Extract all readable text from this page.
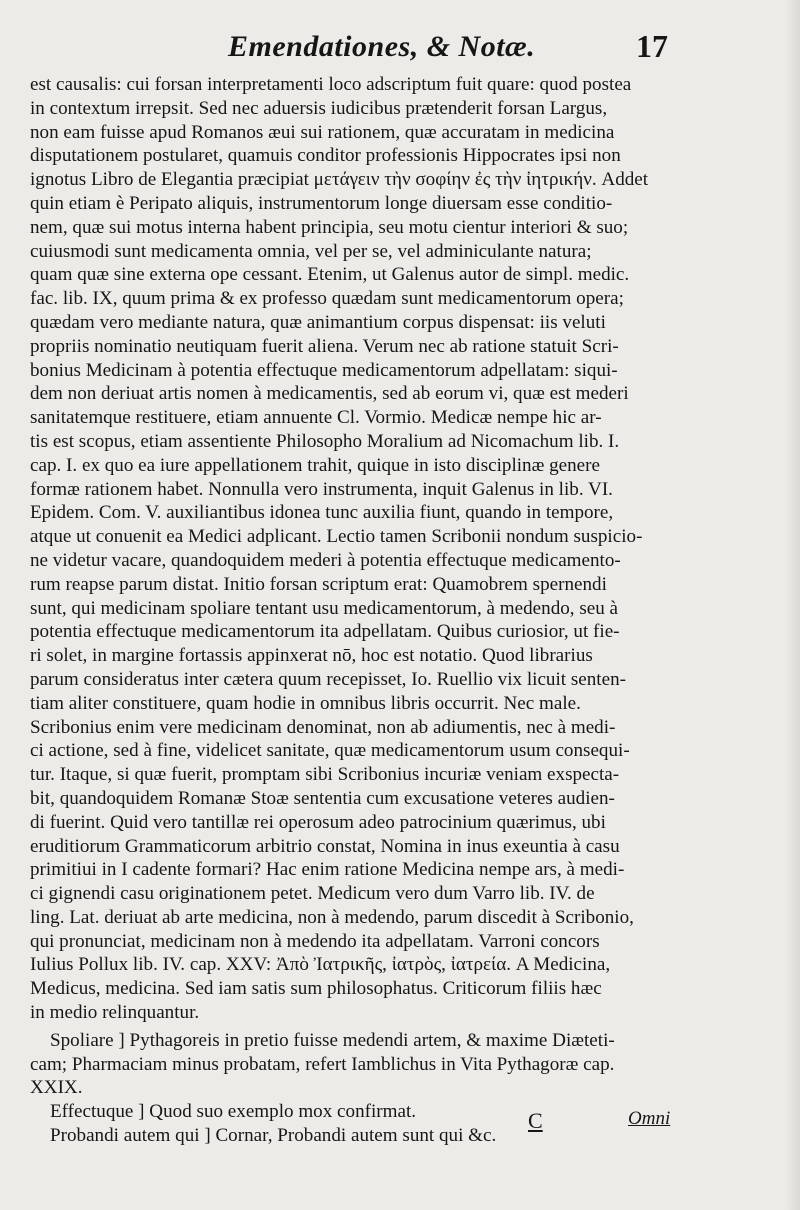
Emendationes, & Notæ.	17
est causalis: cui forsan interpretamenti loco adscriptum fuit quare: quod postea
in contextum irrepsit. Sed nec aduersis iudicibus prætenderit forsan Largus,
non eam fuisse apud Romanos æui sui rationem, quæ accuratam in medicina
disputationem postularet, quamuis conditor professionis Hippocrates ipsi non
ignotus Libro de Elegantia præcipiat μετάγειν τὴν σοφίην ἐς τὴν ἰητρικήν. Addet
quin etiam è Peripato aliquis, instrumentorum longe diuersam esse conditio-
nem, quæ sui motus interna habent principia, seu motu cientur interiori & suo;
cuiusmodi sunt medicamenta omnia, vel per se, vel adminiculante natura;
quam quæ sine externa ope cessant. Etenim, ut Galenus autor de simpl. medic.
fac. lib. IX, quum prima & ex professo quædam sunt medicamentorum opera;
quædam vero mediante natura, quæ animantium corpus dispensat: iis veluti
propriis nominatio neutiquam fuerit aliena. Verum nec ab ratione statuit Scri-
bonius Medicinam à potentia effectuque medicamentorum adpellatam: siqui-
dem non deriuat artis nomen à medicamentis, sed ab eorum vi, quæ est mederi
sanitatemque restituere, etiam annuente Cl. Vormio. Medicæ nempe hic ar-
tis est scopus, etiam assentiente Philosopho Moralium ad Nicomachum lib. I.
cap. I. ex quo ea iure appellationem trahit, quique in isto disciplinæ genere
formæ rationem habet. Nonnulla vero instrumenta, inquit Galenus in lib. VI.
Epidem. Com. V. auxiliantibus idonea tunc auxilia fiunt, quando in tempore,
atque ut conuenit ea Medici adplicant. Lectio tamen Scribonii nondum suspicio-
ne videtur vacare, quandoquidem mederi à potentia effectuque medicamento-
rum reapse parum distat. Initio forsan scriptum erat: Quamobrem spernendi
sunt, qui medicinam spoliare tentant usu medicamentorum, à medendo, seu à
potentia effectuque medicamentorum ita adpellatam. Quibus curiosior, ut fie-
ri solet, in margine fortassis appinxerat nō, hoc est notatio. Quod librarius
parum consideratus inter cætera quum recepisset, Io. Ruellio vix licuit senten-
tiam aliter constituere, quam hodie in omnibus libris occurrit. Nec male.
Scribonius enim vere medicinam denominat, non ab adiumentis, nec à medi-
ci actione, sed à fine, videlicet sanitate, quæ medicamentorum usum consequi-
tur. Itaque, si quæ fuerit, promptam sibi Scribonius incuriæ veniam exspecta-
bit, quandoquidem Romanæ Stoæ sententia cum excusatione veteres audien-
di fuerint. Quid vero tantillæ rei operosum adeo patrocinium quærimus, ubi
eruditiorum Grammaticorum arbitrio constat, Nomina in inus exeuntia à casu
primitiui in I cadente formari? Hac enim ratione Medicina nempe ars, à medi-
ci gignendi casu originationem petet. Medicum vero dum Varro lib. IV. de
ling. Lat. deriuat ab arte medicina, non à medendo, parum discedit à Scribonio,
qui pronunciat, medicinam non à medendo ita adpellatam. Varroni concors
Iulius Pollux lib. IV. cap. XXV: Ἀπὸ Ἰατρικῆς, ἰατρὸς, ἰατρεία. A Medicina,
Medicus, medicina. Sed iam satis sum philosophatus. Criticorum filiis hæc
in medio relinquantur.
Spoliare ] Pythagoreis in pretio fuisse medendi artem, & maxime Diæteti-
cam; Pharmaciam minus probatam, refert Iamblichus in Vita Pythagoræ cap.
XXIX.
Effectuque ] Quod suo exemplo mox confirmat.
Probandi autem qui ] Cornar, Probandi autem sunt qui &c.
C	Omni
